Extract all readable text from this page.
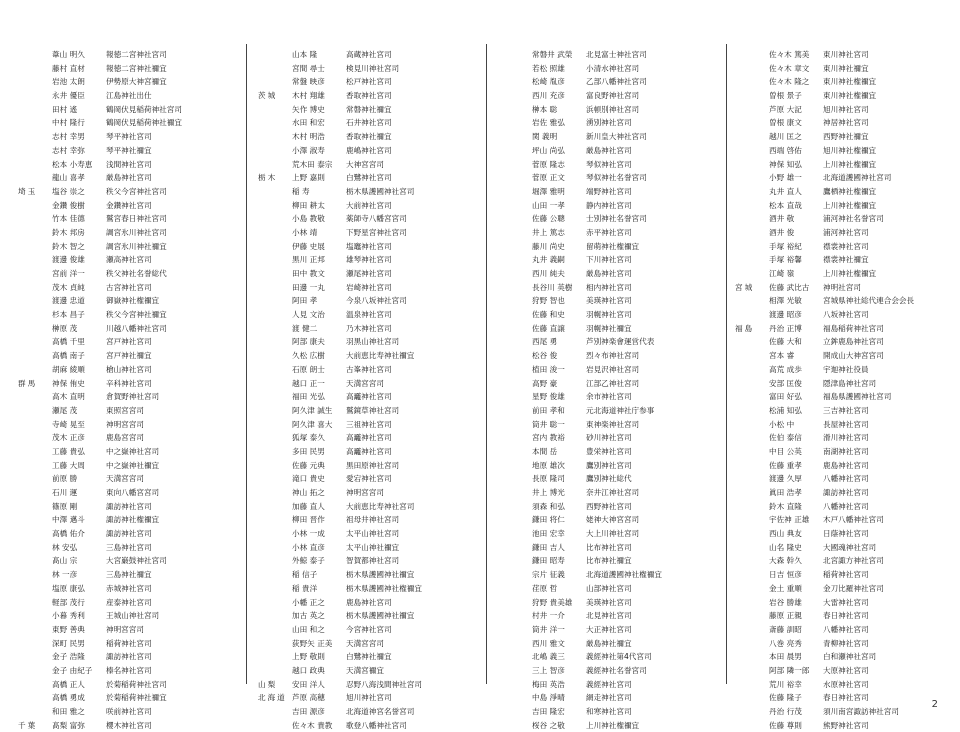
葦山 明久	報徳二宮神社宮司
藤村 直材	報徳二宮神社禰宜
岩池 太朗	伊勢原大神宮禰宜
永井 優臣	江島神社出仕
田村 遙	鶴岡伏見稲荷神社宮司
中村 隆行	鶴岡伏見稲荷神社禰宜
志村 幸男	琴平神社宮司
志村 幸弥	琴平神社禰宜
松本 小寿恵	浅間神社宮司
龍山 喜孝	厳島神社宮司
埼玉	塩谷 崇之	秩父今宮神社宮司
金鑽 俊樹	金鑽神社宮司
竹本 佳德	鷲宮春日神社宮司
鈴木 邦房	調宮氷川神社宮司
鈴木 智之	調宮氷川神社禰宜
渡邊 俊雄	瀬高神社宮司
宮前 洋一	秩父神社名誉総代
茂木 貞純	古宮神社宮司
渡邊 忠道	御嶽神社権禰宜
杉本 昌子	秩父今宮神社禰宜
榊原 茂	川越八幡神社宮司
高橋 千里	宮戸神社宮司
高橋 南子	宮戸神社禰宜
胡麻 綾順	槍山神社宮司
群馬	神保 侑史	辛科神社宮司
高木 直明	倉賀野神社宮司
瀬尾 茂	東照宮宮司
寺崎 晃至	神明宮宮司
茂木 正彦	鹿島宮宮司
工藤 貴弘	中之嶽神社宮司
工藤 大周	中之嶽神社禰宜
前原 勝	天満宮宮司
石川 運	東向八幡宮宮司
篠原 剛	諏訪神社宮司
中澤 邁斗	諏訪神社権禰宜
高橋 佑介	諏訪神社宮司
林 安弘	三島神社宮司
髙山 宗	大宮巌鼓神社宮司
林 一彦	三島神社禰宜
塩原 康弘	赤城神社宮司
軽部 茂行	産泰神社宮司
小暮 秀利	王城山神社宮司
東野 善典	神明宮宮司
深町 民男	稲荷神社宮司
金子 浩隆	諏訪神社宮司
金子 由紀子	榛名神社宮司
高橋 正人	於菊稲荷神社宮司
高橋 勇成	於菊稲荷神社禰宜
和田 雅之	咲前神社宮司
千葉	髙梨 富弥	櫻木神社宮司
山本 隆	高蔵神社宮司
宮間 尋士	検見川神社宮司
常盤 映彦	松戸神社宮司
茨城	木村 翔雄	香取神社宮司
矢作 博史	常磐神社禰宜
水田 和宏	石井神社宮司
木村 明浩	香取神社禰宜
小澤 淑寿	鹿嶋神社宮司
荒木田 泰宗	大神宮宮司
栃木	上野 嘉則	白鷺神社宮司
稲 寿	栃木県護國神社宮司
柳田 耕太	大前神社宮司
小島 教敬	薬師寺八幡宮宮司
小林 靖	下野星宮神社宮司
伊藤 史展	塩竈神社宮司
黒川 正邦	雄琴神社宮司
田中 教文	瀬尾神社宮司
田邊 一丸	岩崎神社宮司
阿田 孝	今泉八坂神社宮司
人見 文治	温泉神社宮司
渡 健二	乃木神社宮司
阿部 康夫	羽黒山神社宮司
久松 広樹	大前恵比寿神社禰宜
石原 朗士	古峯神社宮司
越口 正一	天満宮宮司
福田 光弘	高龗神社宮司
阿久津 誠生	鷲鏡草神社宮司
阿久津 喜大	三祖神社宮司
狐塚 泰久	高龗神社宮司
多田 民男	高龗神社宮司
佐藤 元典	黒田原神社宮司
滝口 貴史	愛宕神社宮司
神山 拓之	神明宮宮司
加藤 直人	大前恵比寿神社宮司
柳田 晋作	祖母井神社宮司
小林 一成	太平山神社宮司
小林 直彦	太平山神社禰宜
外鯨 泰子	智賀都神社宮司
稲 信子	栃木県護國神社禰宜
稲 貴洋	栃木県護國神社権禰宜
小幡 正之	鹿島神社宮司
加古 英之	栃木県護國神社禰宜
山田 和之	今宮神社宮司
荻野矢 正美	天満宮宮司
上野 敬則	白鷺神社禰宜
越口 政典	天満宮禰宜
山梨	安田 洋人	忍野八海浅間神社宮司
北海道 芦原 高穂	旭川神社宮司
吉田 源彦	北海道神宮名誉宮司
佐々木 貴教	歌登八幡神社宮司
常磐井 武榮	北見富士神社宮司
若松 照雄	小清水神社宮司
松崎 胤彦	乙部八幡神社宮司
西川 充彦	富良野神社宮司
榊本 聡	浜頓別神社宮司
岩佐 雅弘	湧別神社宮司
関 義明	新川皇大神社宮司
坪山 尚弘	厳島神社宮司
菅原 隆志	琴似神社宮司
菅原 正文	琴似神社名誉宮司
堀澤 雅明	端野神社宮司
山田 一孝	静内神社宮司
佐藤 公聰	士別神社名誉宮司
井上 篤志	赤平神社宮司
藤川 尚史	留萌神社権禰宜
丸井 義嗣	下川神社宮司
西川 純夫	厳島神社宮司
長谷川 英樹	相内神社宮司
狩野 智也	美瑛神社宮司
佐藤 和史	羽幌神社宮司
佐藤 直譲	羽幌神社禰宜
西尾 勇	芦別神楽會運営代表
松谷 俊	烈々布神社宮司
植田 浚一	岩見沢神社宮司
高野 豪	江部乙神社宮司
星野 俊雄	余市神社宮司
前田 孝和	元北海道神社庁参事
筒井 聡一	東神楽神社宮司
宮内 教裕	砂川神社宮司
本間 岳	豊栄神社宮司
地原 雄次	鷹別神社宮司
長原 隆司	鷹別神社総代
井上 博光	奈井江神社宮司
須森 和弘	西野神社宮司
鎌田 将仁	姥神大神宮宮司
池田 宏幸	大上川神社宮司
鎌田 吉人	比布神社宮司
鎌田 昭寿	比布神社禰宜
宗片 征義	北海道護國神社権禰宜
荏原 哲	山部神社宮司
狩野 貴美雄	美瑛神社宮司
村井 一介	北見神社宮司
筒井 洋一	大正神社宮司
西川 雅文	厳島神社禰宜
北嶋 義三	義經神社第4代宮司
三上 智彦	義經神社名誉宮司
梅田 英浩	義經神社宮司
中島 淨晴	網走神社宮司
吉田 隆宏	和寒神社宮司
桜谷 之敬	上川神社権禰宜
佐々木 篤美	東川神社宮司
佐々木 章文	東川神社禰宜
佐々木 隆之	東川神社権禰宜
曽根 景子	東川神社権禰宜
芦原 大記	旭川神社宮司
曽根 康文	神居神社宮司
越川 匡之	西野神社禰宜
西端 啓佑	旭川神社権禰宜
神保 知弘	上川神社権禰宜
小野 雄一	北海道護國神社宮司
丸井 直人	鷹栖神社権禰宜
松本 直哉	上川神社権禰宜
酒井 敬	浦河神社名誉宮司
酒井 俊	浦河神社宮司
手塚 裕紀	襟裳神社宮司
手塚 裕馨	襟裳神社禰宜
江崎 嶺	上川神社権禰宜
宮城	佐藤 武比古	神明社宮司
相澤 光敏	宮城県神社総代連合会会長
渡邊 昭彦	八坂神社宮司
福島	丹治 正博	福島稲荷神社宮司
佐藤 大和	立鉾鹿島神社宮司
宮本 睿	開成山大神宮宮司
高荒 成歩	宇迦神社役員
安部 匡俊	隠津島神社宮司
富田 好弘	福島県護國神社宮司
松浦 知弘	三吉神社宮司
小松 中	長屋神社宮司
佐伯 泰信	滑川神社宮司
中目 公英	南湖神社宮司
佐藤 重孝	鹿島神社宮司
渡邊 久厚	八幡神社宮司
眞田 浩孝	諏訪神社宮司
鈴木 直隆	八幡神社宮司
宇佐神 正雄	木戸八幡神社宮司
西山 典友	日蔭神社宮司
山名 隆史	大國魂神社宮司
大森 幹久	北宮諏方神社宮司
日吉 恒彦	稲荷神社宮司
金土 重順	金刀比羅神社宮司
岩谷 勝雄	大雷神社宮司
藤原 正親	春日神社宮司
斎藤 訓昭	八幡神社宮司
八巻 亮秀	青柳神社宮司
本田 晨男	白和瀬神社宮司
阿部 隣一郎	大原神社宮司
荒川 裕幸	水原神社宮司
佐藤 隆子	春日神社宮司
丹治 行茂	須川南宮諏訪神社宮司
佐藤 尊則	熊野神社宮司
2
